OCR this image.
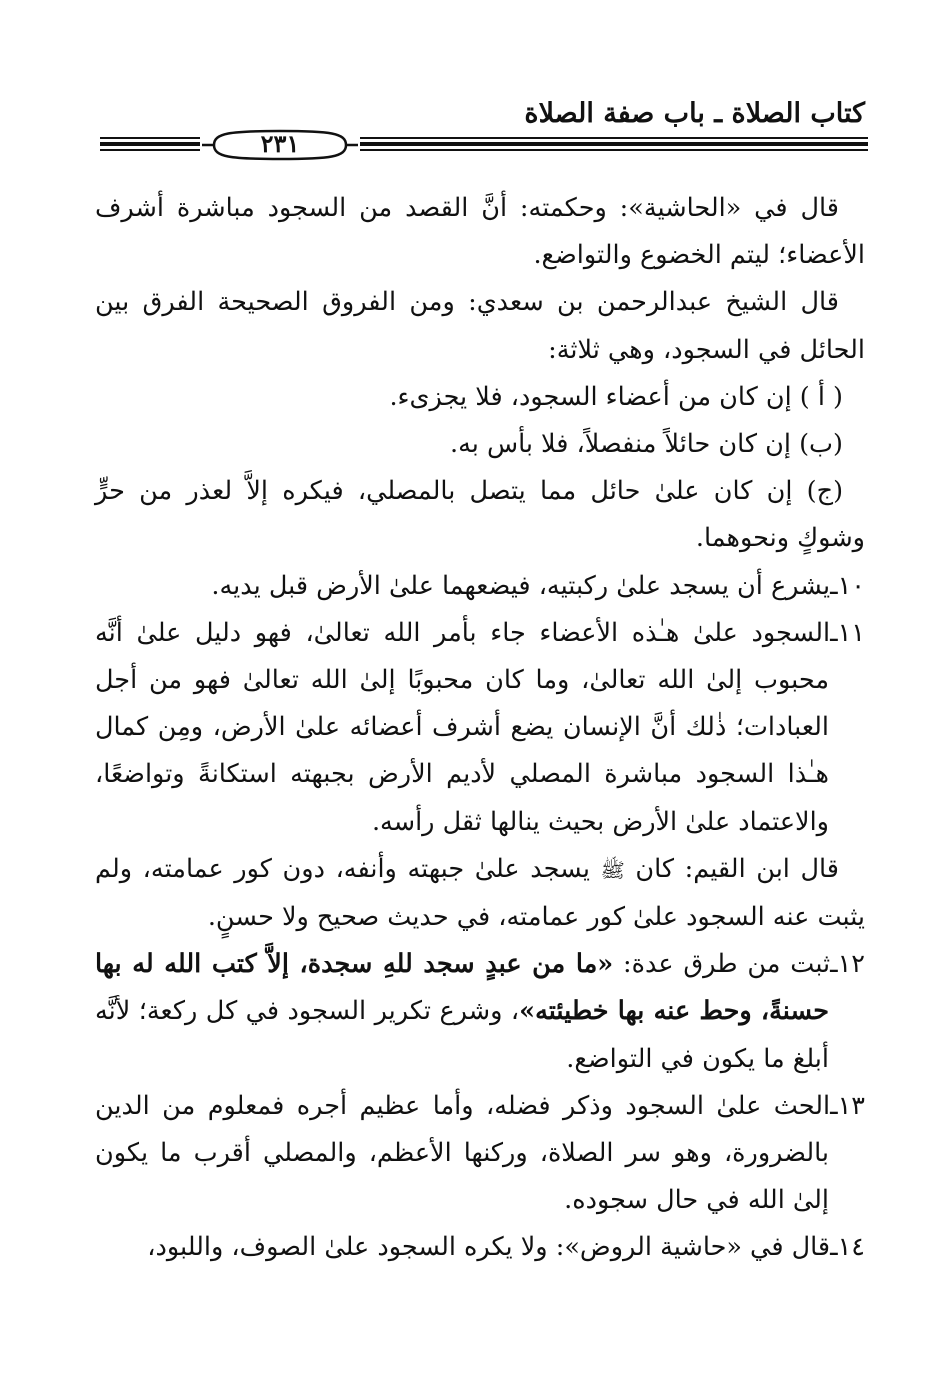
كتاب الصلاة ـ باب صفة الصلاة
٢٣١

قال في «الحاشية»: وحكمته: أنَّ القصد من السجود مباشرة أشرف الأعضاء؛ ليتم الخضوع والتواضع.

قال الشيخ عبدالرحمن بن سعدي: ومن الفروق الصحيحة الفرق بين الحائل في السجود، وهي ثلاثة:

( أ ) إن كان من أعضاء السجود، فلا يجزىء.

(ب) إن كان حائلاً منفصلاً، فلا بأس به.

(ج) إن كان علىٰ حائل مما يتصل بالمصلي، فيكره إلاَّ لعذر من حرٍّ وشوكٍ ونحوهما.

١٠ـيشرع أن يسجد علىٰ ركبتيه، فيضعهما علىٰ الأرض قبل يديه.

١١ـالسجود علىٰ هـٰذه الأعضاء جاء بأمر الله تعالىٰ، فهو دليل علىٰ أنَّه محبوب إلىٰ الله تعالىٰ، وما كان محبوبًا إلىٰ الله تعالىٰ فهو من أجل العبادات؛ ذٰلك أنَّ الإنسان يضع أشرف أعضائه علىٰ الأرض، ومِن كمال هـٰذا السجود مباشرة المصلي لأديم الأرض بجبهته استكانةً وتواضعًا، والاعتماد علىٰ الأرض بحيث ينالها ثقل رأسه.

قال ابن القيم: كان ﷺ يسجد علىٰ جبهته وأنفه، دون كور عمامته، ولم يثبت عنه السجود علىٰ كور عمامته، في حديث صحيح ولا حسنٍ.

١٢ـثبت من طرق عدة: «ما من عبدٍ سجد للهِ سجدة، إلاَّ كتب الله له بها حسنةً، وحط عنه بها خطيئته»، وشرع تكرير السجود في كل ركعة؛ لأنَّه أبلغ ما يكون في التواضع.

١٣ـالحث علىٰ السجود وذكر فضله، وأما عظيم أجره فمعلوم من الدين بالضرورة، وهو سر الصلاة، وركنها الأعظم، والمصلي أقرب ما يكون إلىٰ الله في حال سجوده.

١٤ـقال في «حاشية الروض»: ولا يكره السجود علىٰ الصوف، واللبود،
